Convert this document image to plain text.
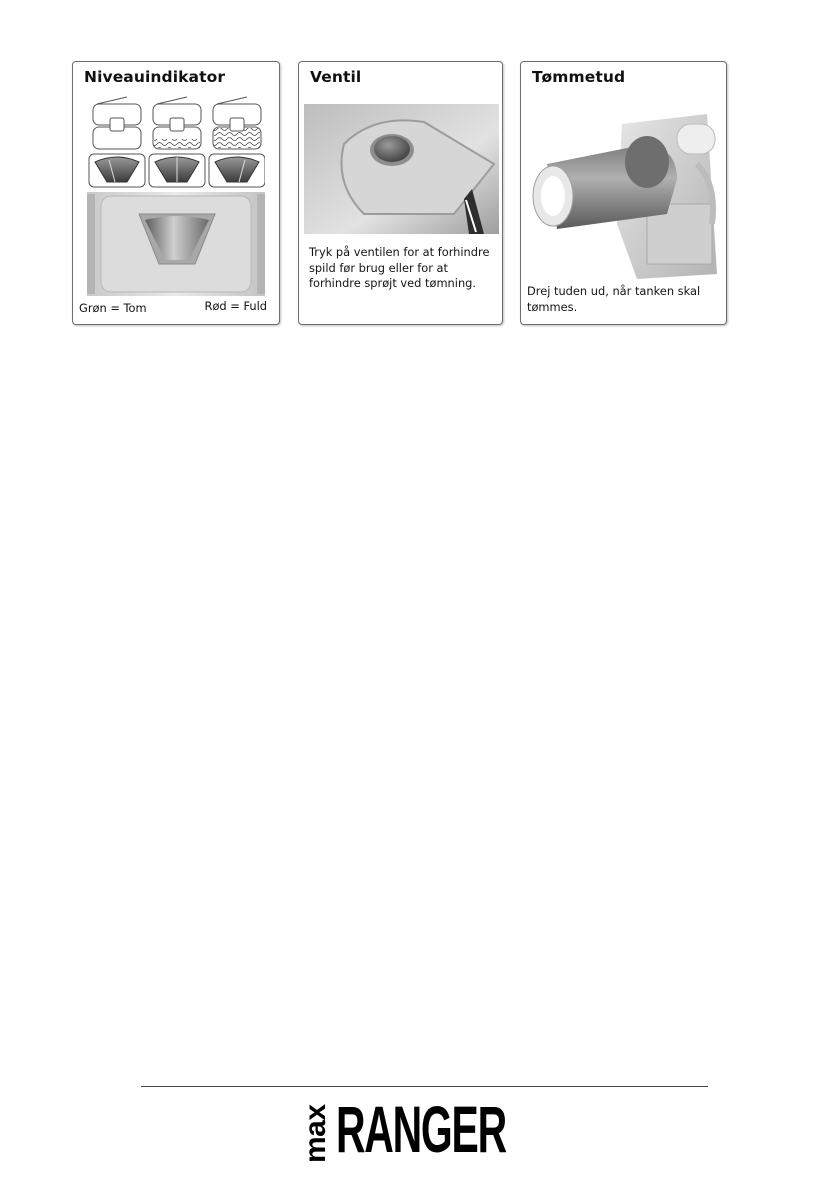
Niveauindikator
Grøn = Tom	Rød = Fuld
Ventil
Tryk på ventilen for at forhindre spild før brug eller for at forhindre sprøjt ved tømning.
Tømmetud
Drej tuden ud, når tanken skal tømmes.
max RANGER
